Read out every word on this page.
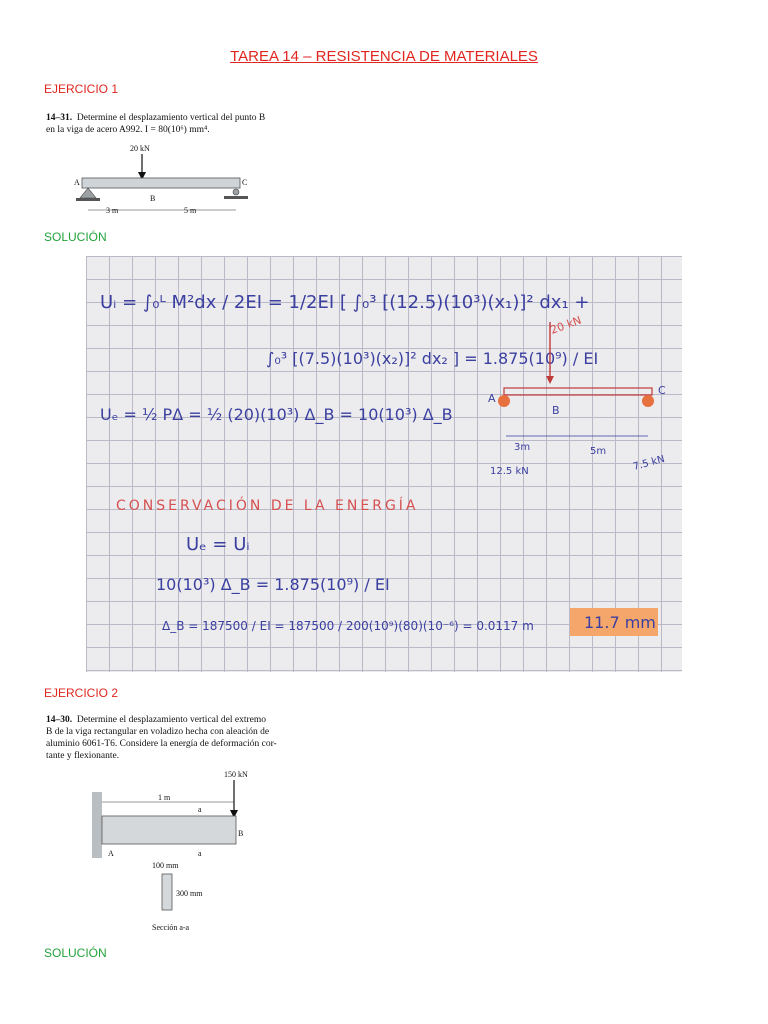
TAREA 14 – RESISTENCIA DE MATERIALES
EJERCICIO 1
14–31. Determine el desplazamiento vertical del punto B
en la viga de acero A992. I = 80(10⁶) mm⁴.
20 kN
A
B
C
3 m	5 m
SOLUCIÓN
Uᵢ = ∫₀ᴸ M²dx / 2EI = 1/2EI [ ∫₀³ [(12.5)(10³)(x₁)]² dx₁ +
∫₀³ [(7.5)(10³)(x₂)]² dx₂ ] = 1.875(10⁹) / EI
Uₑ = ½ PΔ = ½ (20)(10³) Δ_B = 10(10³) Δ_B
CONSERVACIÓN DE LA ENERGÍA
Uₑ = Uᵢ
10(10³) Δ_B = 1.875(10⁹) / EI
Δ_B = 187500 / EI = 187500 / 200(10⁹)(80)(10⁻⁶) = 0.0117 m	11.7 mm
20 kN
A
B
C
3m	5m
12.5 kN	7.5 kN
EJERCICIO 2
14–30. Determine el desplazamiento vertical del extremo
B de la viga rectangular en voladizo hecha con aleación de
aluminio 6061-T6. Considere la energía de deformación cor-
tante y flexionante.
150 kN
1 m
a
a
A
B
100 mm
300 mm
Sección a-a
SOLUCIÓN
